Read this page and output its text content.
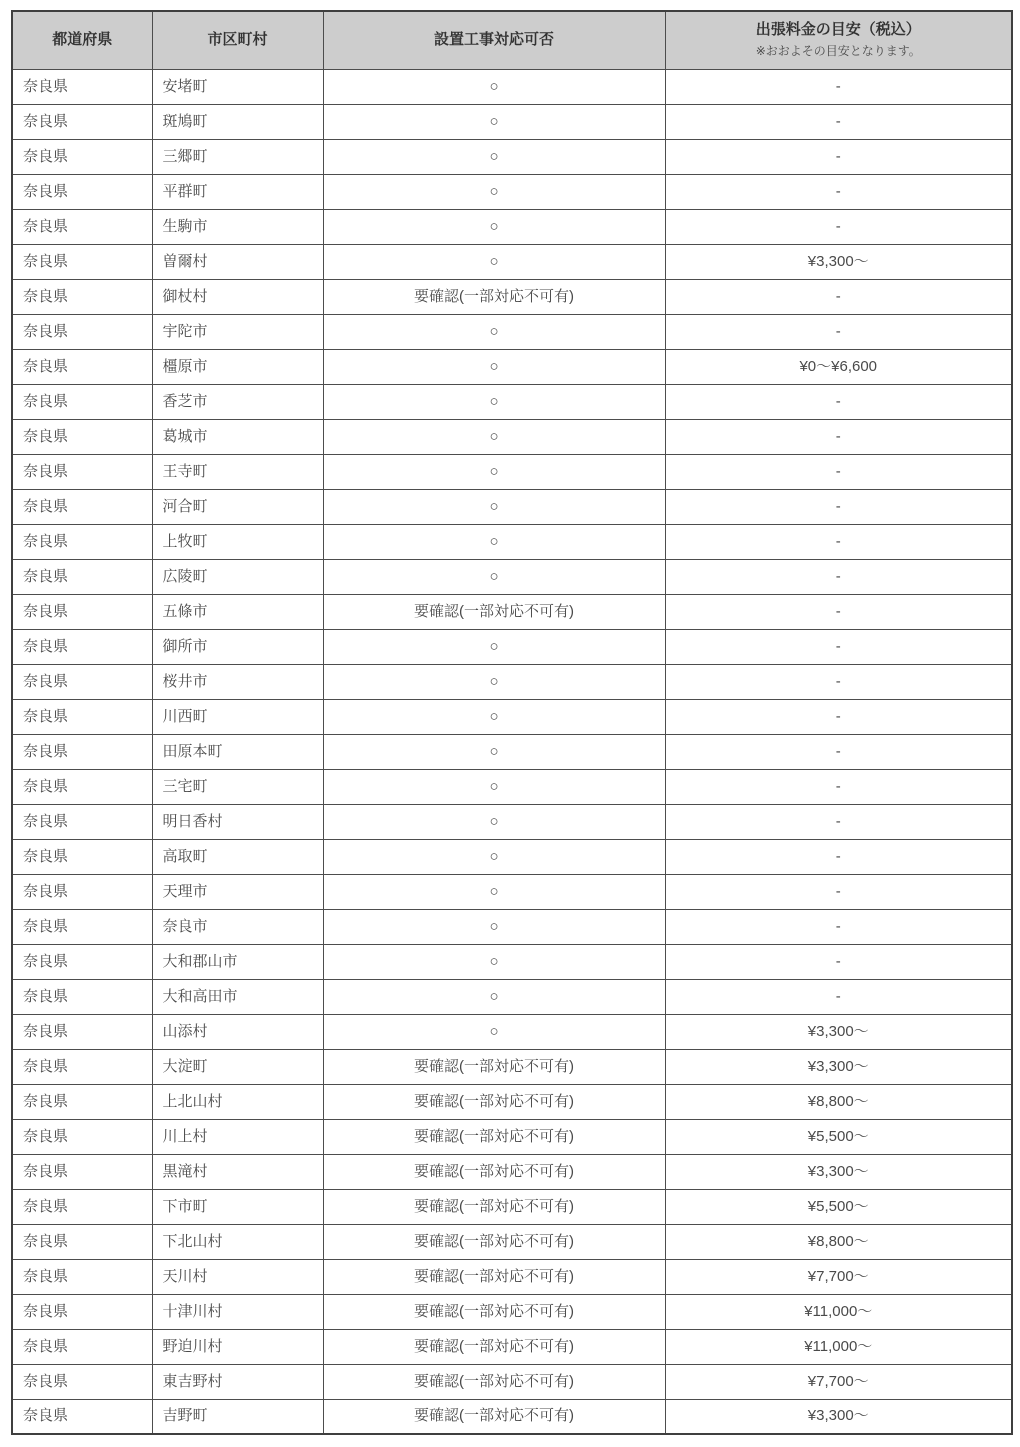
都道府県	市区町村	設置工事対応可否	出張料金の目安（税込）
※おおよその目安となります。

奈良県	安堵町	○	-
奈良県	斑鳩町	○	-
奈良県	三郷町	○	-
奈良県	平群町	○	-
奈良県	生駒市	○	-
奈良県	曽爾村	○	¥3,300～
奈良県	御杖村	要確認(一部対応不可有)	-
奈良県	宇陀市	○	-
奈良県	橿原市	○	¥0～¥6,600
奈良県	香芝市	○	-
奈良県	葛城市	○	-
奈良県	王寺町	○	-
奈良県	河合町	○	-
奈良県	上牧町	○	-
奈良県	広陵町	○	-
奈良県	五條市	要確認(一部対応不可有)	-
奈良県	御所市	○	-
奈良県	桜井市	○	-
奈良県	川西町	○	-
奈良県	田原本町	○	-
奈良県	三宅町	○	-
奈良県	明日香村	○	-
奈良県	高取町	○	-
奈良県	天理市	○	-
奈良県	奈良市	○	-
奈良県	大和郡山市	○	-
奈良県	大和高田市	○	-
奈良県	山添村	○	¥3,300～
奈良県	大淀町	要確認(一部対応不可有)	¥3,300～
奈良県	上北山村	要確認(一部対応不可有)	¥8,800～
奈良県	川上村	要確認(一部対応不可有)	¥5,500～
奈良県	黒滝村	要確認(一部対応不可有)	¥3,300～
奈良県	下市町	要確認(一部対応不可有)	¥5,500～
奈良県	下北山村	要確認(一部対応不可有)	¥8,800～
奈良県	天川村	要確認(一部対応不可有)	¥7,700～
奈良県	十津川村	要確認(一部対応不可有)	¥11,000～
奈良県	野迫川村	要確認(一部対応不可有)	¥11,000～
奈良県	東吉野村	要確認(一部対応不可有)	¥7,700～
奈良県	吉野町	要確認(一部対応不可有)	¥3,300～
